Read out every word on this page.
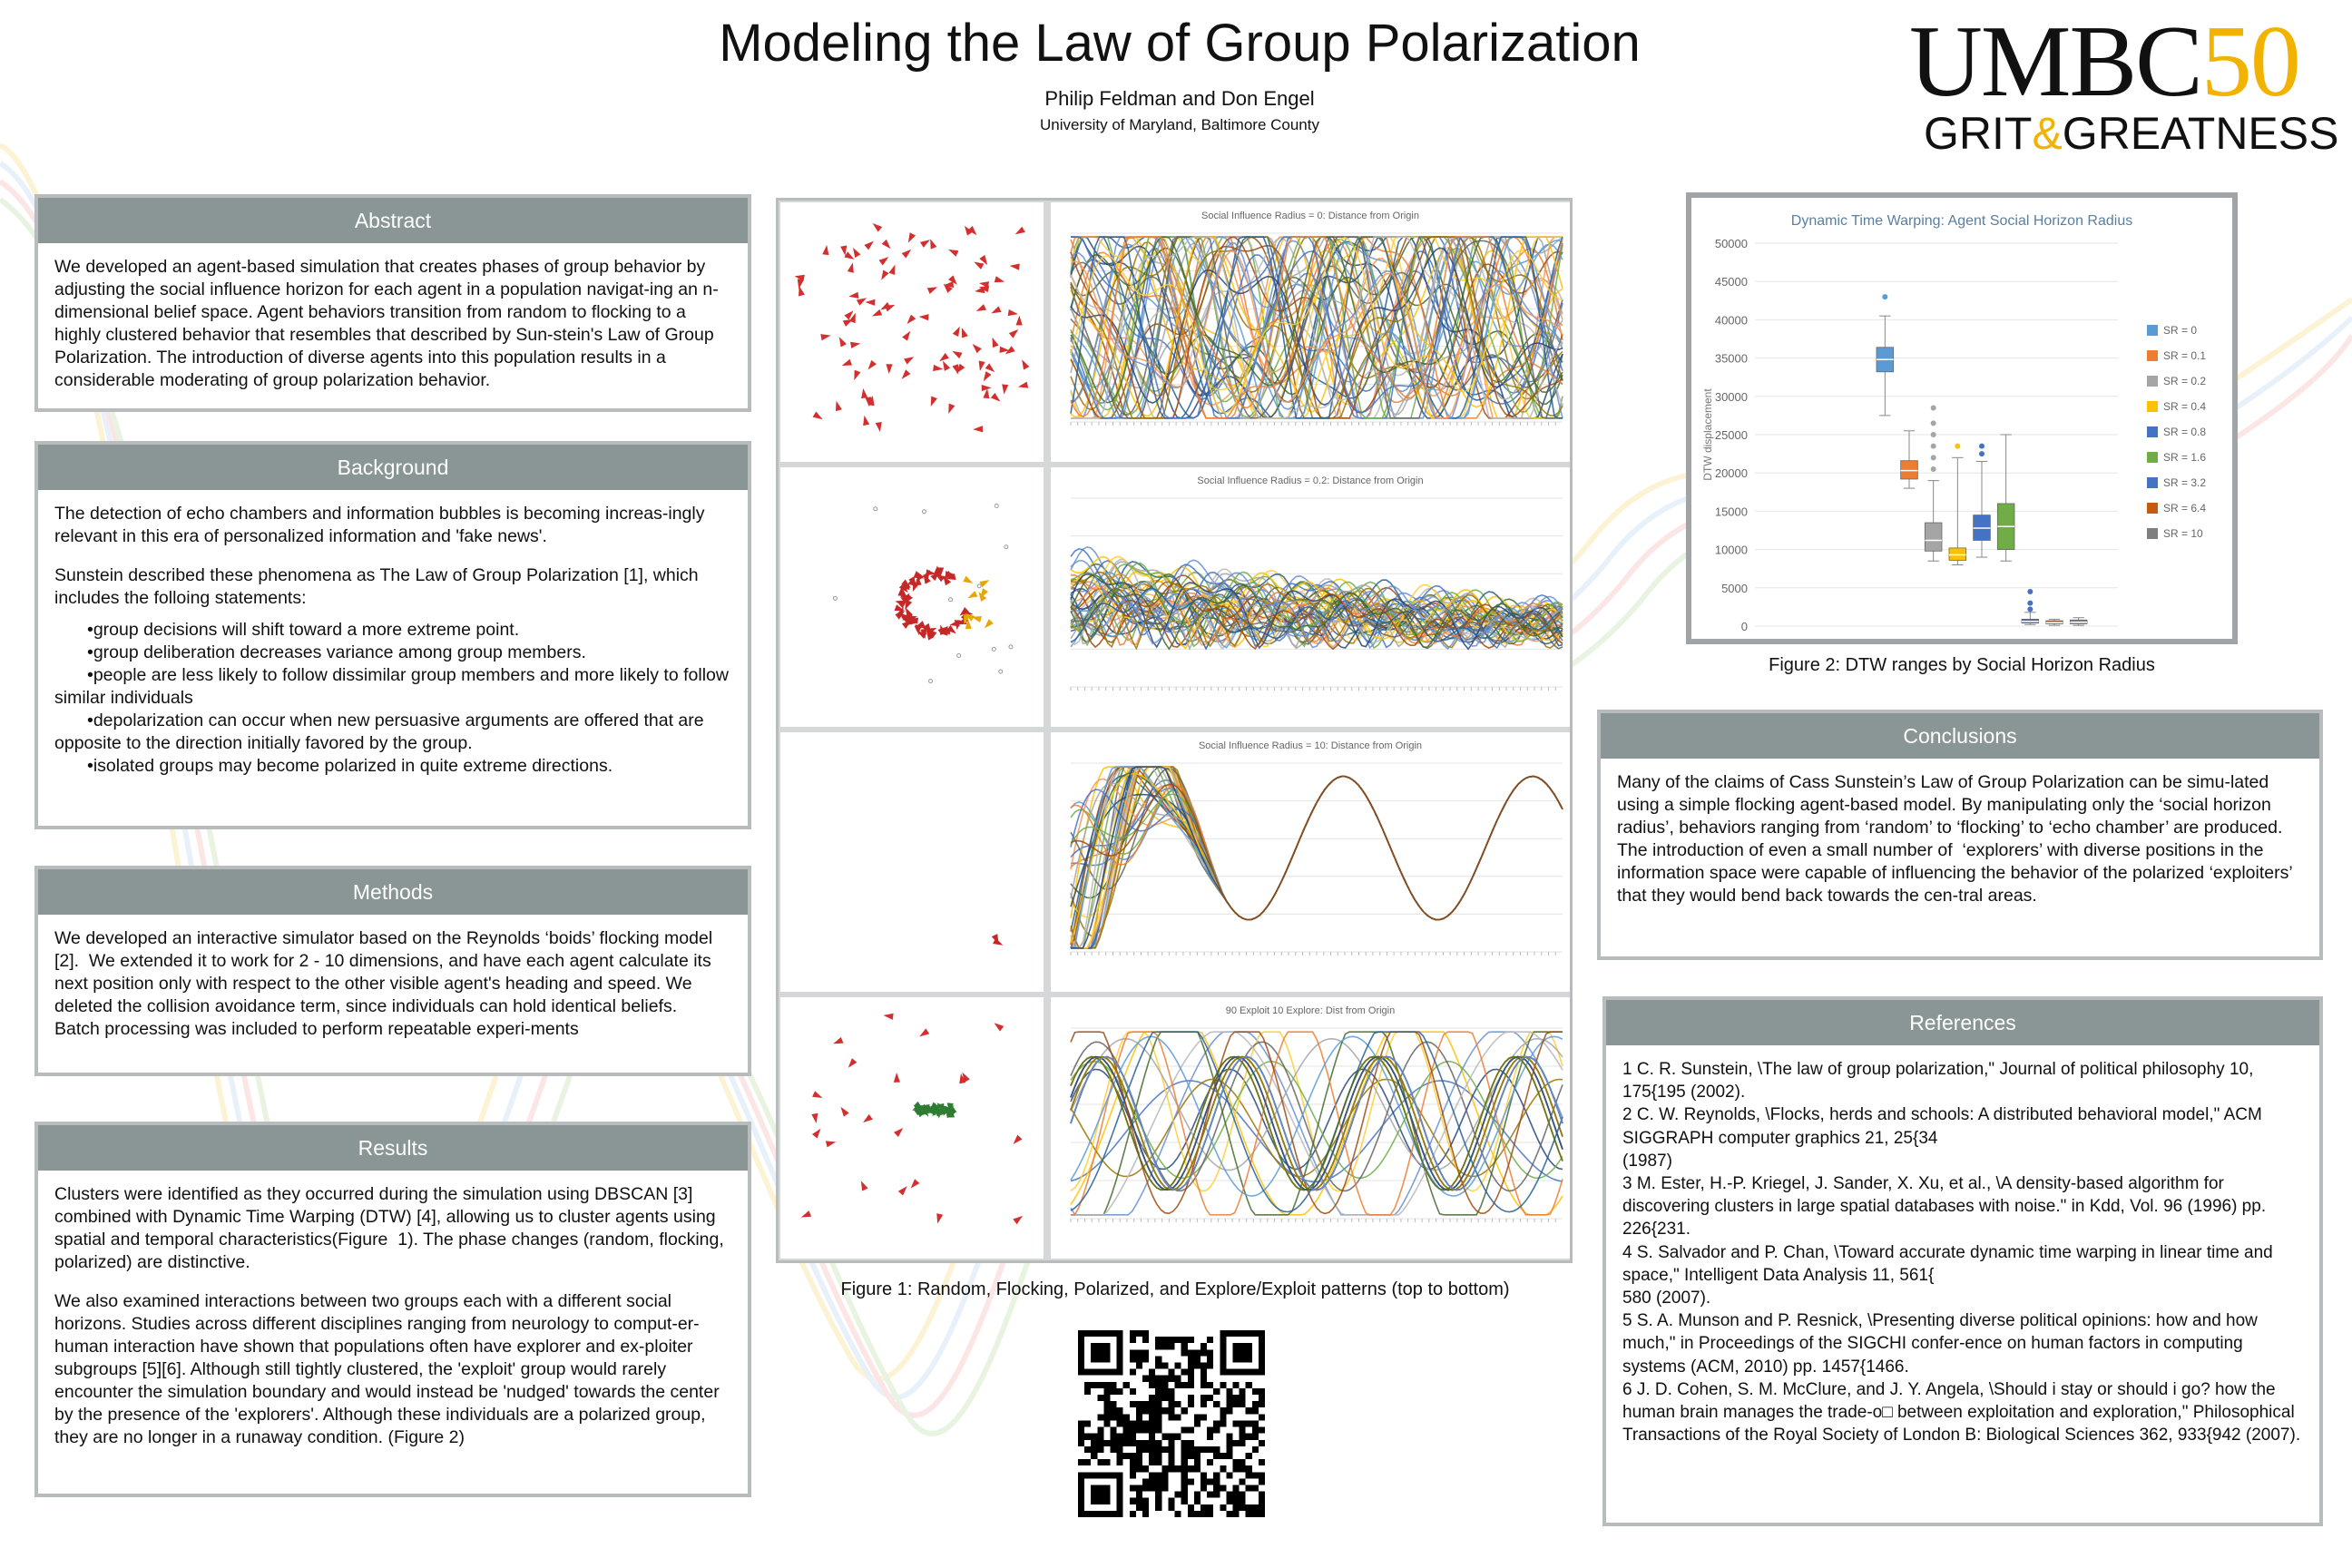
Modeling the Law of Group Polarization
Philip Feldman and Don Engel
University of Maryland, Baltimore County
UMBC50
GRIT&GREATNESS
Abstract

We developed an agent-based simulation that creates phases of group behavior by adjusting the social influence horizon for each agent in a population navigat-ing an n-dimensional belief space. Agent behaviors transition from random to flocking to a highly clustered behavior that resembles that described by Sun-stein's Law of Group Polarization. The introduction of diverse agents into this population results in a considerable moderating of group polarization behavior.

Background

The detection of echo chambers and information bubbles is becoming increas-ingly relevant in this era of personalized information and 'fake news'.

Sunstein described these phenomena as The Law of Group Polarization [1], which includes the folloing statements:

• group decisions will shift toward a more extreme point.
• group deliberation decreases variance among group members.
• people are less likely to follow dissimilar group members and more likely to follow similar individuals
• depolarization can occur when new persuasive arguments are offered that are opposite to the direction initially favored by the group.
• isolated groups may become polarized in quite extreme directions.
Methods

We developed an interactive simulator based on the Reynolds ‘boids’ flocking model [2].  We extended it to work for 2 - 10 dimensions, and have each agent calculate its next position only with respect to the other visible agent's heading and speed. We deleted the collision avoidance term, since individuals can hold identical beliefs.  Batch processing was included to perform repeatable experi-ments

Results

Clusters were identified as they occurred during the simulation using DBSCAN [3] combined with Dynamic Time Warping (DTW) [4], allowing us to cluster agents using spatial and temporal characteristics(Figure  1). The phase changes (random, flocking, polarized) are distinctive.

We also examined interactions between two groups each with a different social horizons. Studies across different disciplines ranging from neurology to comput-er-human interaction have shown that populations often have explorer and ex-ploiter subgroups [5][6]. Although still tightly clustered, the 'exploit' group would rarely encounter the simulation boundary and would instead be 'nudged' towards the center by the presence of the 'explorers'. Although these individuals are a polarized group, they are no longer in a runaway condition. (Figure 2)

Social Influence Radius = 0: Distance from Origin
Social Influence Radius = 0.2: Distance from Origin
Social Influence Radius = 10: Distance from Origin
90 Exploit 10 Explore: Dist from Origin
Figure 1: Random, Flocking, Polarized, and Explore/Exploit patterns (top to bottom)
Dynamic Time Warping: Agent Social Horizon Radius
50000
45000
40000
35000
30000
25000
20000
15000
10000
5000
0
DTW displacement
SR = 0
SR = 0.1
SR = 0.2
SR = 0.4
SR = 0.8
SR = 1.6
SR = 3.2
SR = 6.4
SR = 10
Figure 2: DTW ranges by Social Horizon Radius
Conclusions

Many of the claims of Cass Sunstein’s Law of Group Polarization can be simu-lated using a simple flocking agent-based model. By manipulating only the ‘social horizon radius’, behaviors ranging from ‘random’ to ‘flocking’ to ‘echo chamber’ are produced. The introduction of even a small number of  ‘explorers’ with diverse positions in the information space were capable of influencing the behavior of the polarized ‘exploiters’ that they would bend back towards the cen-tral areas.

References
1 C. R. Sunstein, \The law of group polarization," Journal of political philosophy 10, 175{195 (2002).
2 C. W. Reynolds, \Flocks, herds and schools: A distributed behavioral model," ACM SIGGRAPH computer graphics 21, 25{34
(1987)
3 M. Ester, H.-P. Kriegel, J. Sander, X. Xu, et al., \A density-based algorithm for discovering clusters in large spatial databases with noise." in Kdd, Vol. 96 (1996) pp. 226{231.
4 S. Salvador and P. Chan, \Toward accurate dynamic time warping in linear time and space," Intelligent Data Analysis 11, 561{
580 (2007).
5 S. A. Munson and P. Resnick, \Presenting diverse political opinions: how and how much," in Proceedings of the SIGCHI confer-ence on human factors in computing systems (ACM, 2010) pp. 1457{1466.
6 J. D. Cohen, S. M. McClure, and J. Y. Angela, \Should i stay or should i go? how the human brain manages the trade-o□ between exploitation and exploration," Philosophical Transactions of the Royal Society of London B: Biological Sciences 362, 933{942 (2007).
